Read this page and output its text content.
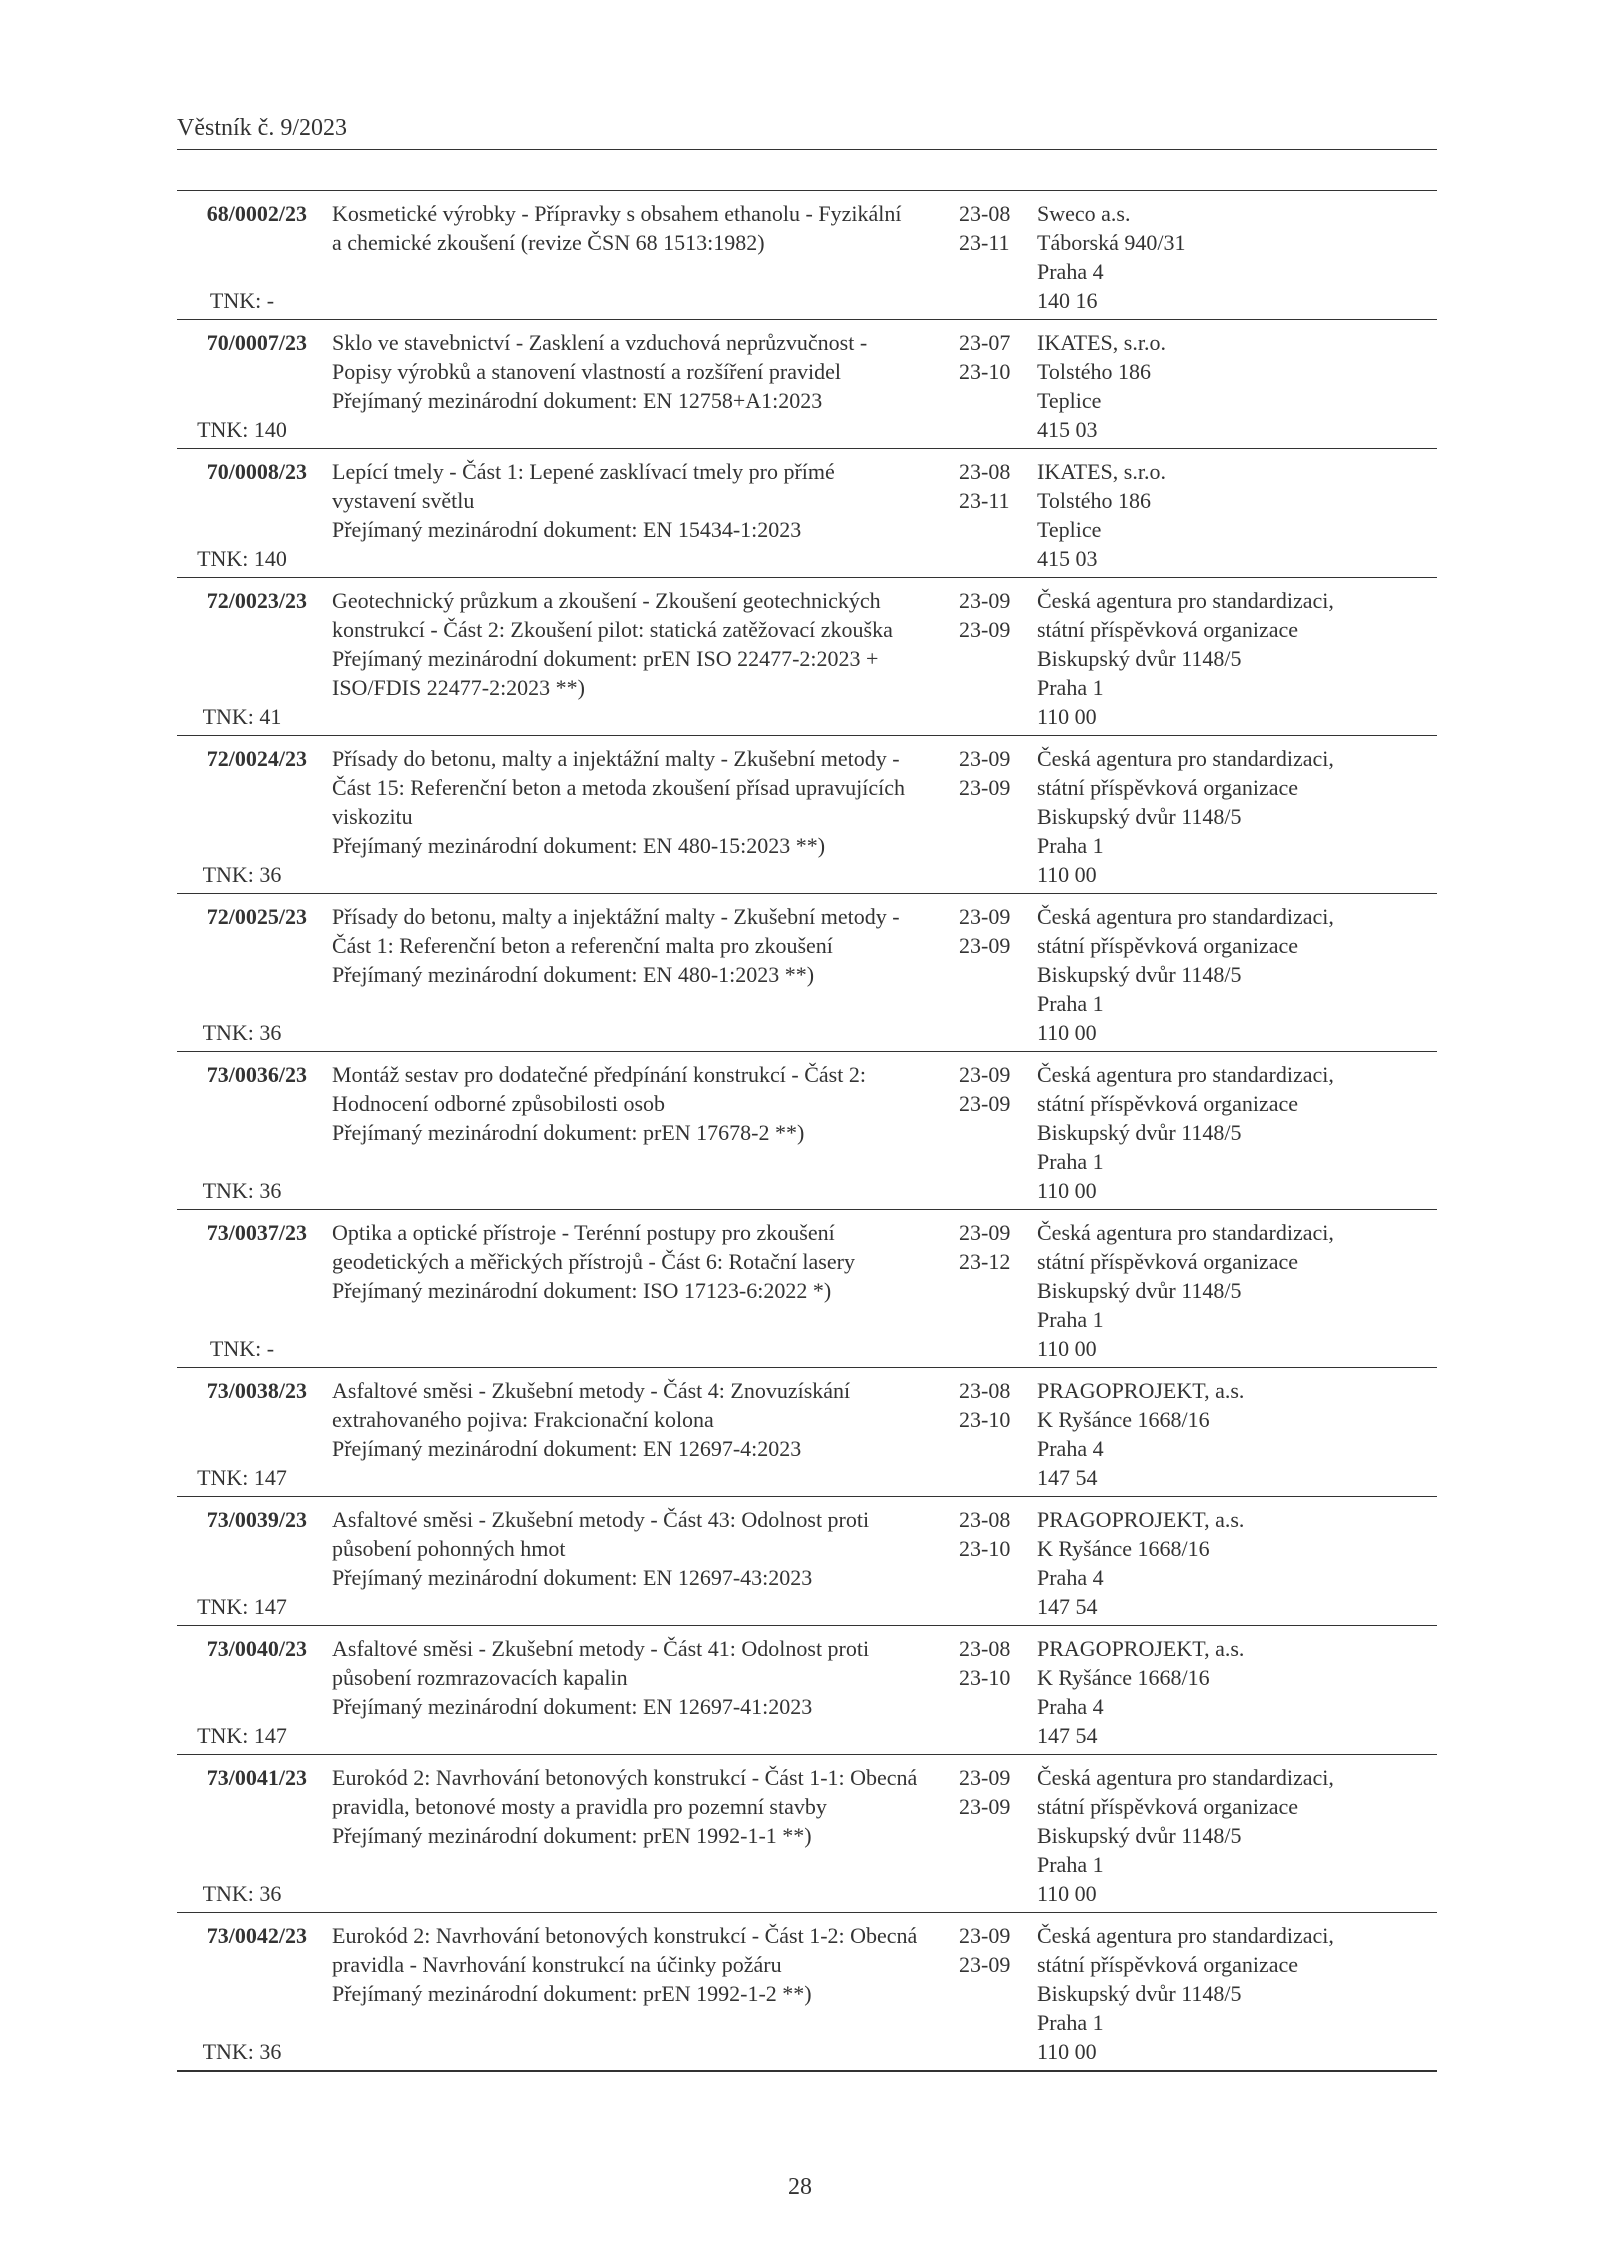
Věstník č. 9/2023
68/0002/23
TNK: -
Kosmetické výrobky - Přípravky s obsahem ethanolu - Fyzikální
a chemické zkoušení (revize ČSN 68 1513:1982)
23-08
23-11
Sweco a.s.
Táborská 940/31
Praha 4
140 16
70/0007/23
TNK: 140
Sklo ve stavebnictví - Zasklení a vzduchová neprůzvučnost -
Popisy výrobků a stanovení vlastností a rozšíření pravidel
Přejímaný mezinárodní dokument: EN 12758+A1:2023
23-07
23-10
IKATES, s.r.o.
Tolstého 186
Teplice
415 03
70/0008/23
TNK: 140
Lepící tmely - Část 1: Lepené zasklívací tmely pro přímé
vystavení světlu
Přejímaný mezinárodní dokument: EN 15434-1:2023
23-08
23-11
IKATES, s.r.o.
Tolstého 186
Teplice
415 03
72/0023/23
TNK: 41
Geotechnický průzkum a zkoušení - Zkoušení geotechnických
konstrukcí - Část 2: Zkoušení pilot: statická zatěžovací zkouška
Přejímaný mezinárodní dokument: prEN ISO 22477-2:2023 +
ISO/FDIS 22477-2:2023 **)
23-09
23-09
Česká agentura pro standardizaci,
státní příspěvková organizace
Biskupský dvůr 1148/5
Praha 1
110 00
72/0024/23
TNK: 36
Přísady do betonu, malty a injektážní malty - Zkušební metody -
Část 15: Referenční beton a metoda zkoušení přísad upravujících
viskozitu
Přejímaný mezinárodní dokument: EN 480-15:2023 **)
23-09
23-09
Česká agentura pro standardizaci,
státní příspěvková organizace
Biskupský dvůr 1148/5
Praha 1
110 00
72/0025/23
TNK: 36
Přísady do betonu, malty a injektážní malty - Zkušební metody -
Část 1: Referenční beton a referenční malta pro zkoušení
Přejímaný mezinárodní dokument: EN 480-1:2023 **)
23-09
23-09
Česká agentura pro standardizaci,
státní příspěvková organizace
Biskupský dvůr 1148/5
Praha 1
110 00
73/0036/23
TNK: 36
Montáž sestav pro dodatečné předpínání konstrukcí - Část 2:
Hodnocení odborné způsobilosti osob
Přejímaný mezinárodní dokument: prEN 17678-2 **)
23-09
23-09
Česká agentura pro standardizaci,
státní příspěvková organizace
Biskupský dvůr 1148/5
Praha 1
110 00
73/0037/23
TNK: -
Optika a optické přístroje - Terénní postupy pro zkoušení
geodetických a měřických přístrojů - Část 6: Rotační lasery
Přejímaný mezinárodní dokument: ISO 17123-6:2022 *)
23-09
23-12
Česká agentura pro standardizaci,
státní příspěvková organizace
Biskupský dvůr 1148/5
Praha 1
110 00
73/0038/23
TNK: 147
Asfaltové směsi - Zkušební metody - Část 4: Znovuzískání
extrahovaného pojiva: Frakcionační kolona
Přejímaný mezinárodní dokument: EN 12697-4:2023
23-08
23-10
PRAGOPROJEKT, a.s.
K Ryšánce 1668/16
Praha 4
147 54
73/0039/23
TNK: 147
Asfaltové směsi - Zkušební metody - Část 43: Odolnost proti
působení pohonných hmot
Přejímaný mezinárodní dokument: EN 12697-43:2023
23-08
23-10
PRAGOPROJEKT, a.s.
K Ryšánce 1668/16
Praha 4
147 54
73/0040/23
TNK: 147
Asfaltové směsi - Zkušební metody - Část 41: Odolnost proti
působení rozmrazovacích kapalin
Přejímaný mezinárodní dokument: EN 12697-41:2023
23-08
23-10
PRAGOPROJEKT, a.s.
K Ryšánce 1668/16
Praha 4
147 54
73/0041/23
TNK: 36
Eurokód 2: Navrhování betonových konstrukcí - Část 1-1: Obecná
pravidla, betonové mosty a pravidla pro pozemní stavby
Přejímaný mezinárodní dokument: prEN 1992-1-1 **)
23-09
23-09
Česká agentura pro standardizaci,
státní příspěvková organizace
Biskupský dvůr 1148/5
Praha 1
110 00
73/0042/23
TNK: 36
Eurokód 2: Navrhování betonových konstrukcí - Část 1-2: Obecná
pravidla - Navrhování konstrukcí na účinky požáru
Přejímaný mezinárodní dokument: prEN 1992-1-2 **)
23-09
23-09
Česká agentura pro standardizaci,
státní příspěvková organizace
Biskupský dvůr 1148/5
Praha 1
110 00
28
